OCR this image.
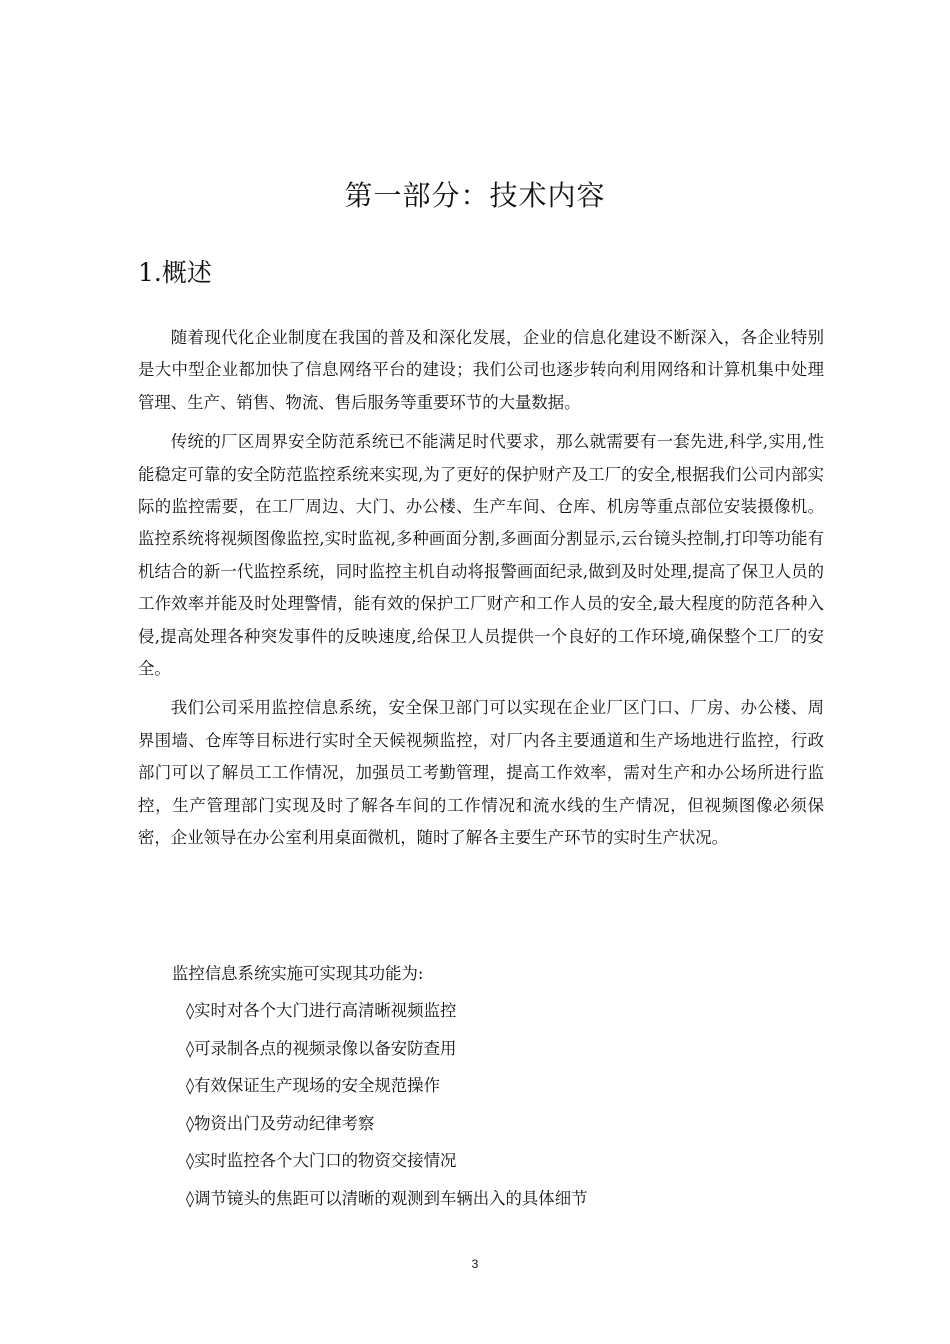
第一部分：技术内容
1.概述

随着现代化企业制度在我国的普及和深化发展，企业的信息化建设不断深入，各企业特别是大中型企业都加快了信息网络平台的建设；我们公司也逐步转向利用网络和计算机集中处理管理、生产、销售、物流、售后服务等重要环节的大量数据。

传统的厂区周界安全防范系统已不能满足时代要求，那么就需要有一套先进,科学,实用,性能稳定可靠的安全防范监控系统来实现,为了更好的保护财产及工厂的安全,根据我们公司内部实际的监控需要，在工厂周边、大门、办公楼、生产车间、仓库、机房等重点部位安装摄像机。监控系统将视频图像监控,实时监视,多种画面分割,多画面分割显示,云台镜头控制,打印等功能有机结合的新一代监控系统，同时监控主机自动将报警画面纪录,做到及时处理,提高了保卫人员的工作效率并能及时处理警情，能有效的保护工厂财产和工作人员的安全,最大程度的防范各种入侵,提高处理各种突发事件的反映速度,给保卫人员提供一个良好的工作环境,确保整个工厂的安全。

我们公司采用监控信息系统，安全保卫部门可以实现在企业厂区门口、厂房、办公楼、周界围墙、仓库等目标进行实时全天候视频监控，对厂内各主要通道和生产场地进行监控，行政部门可以了解员工工作情况，加强员工考勤管理，提高工作效率，需对生产和办公场所进行监控，生产管理部门实现及时了解各车间的工作情况和流水线的生产情况，但视频图像必须保密，企业领导在办公室利用桌面微机，随时了解各主要生产环节的实时生产状况。

监控信息系统实施可实现其功能为:
◊实时对各个大门进行高清晰视频监控
◊可录制各点的视频录像以备安防查用
◊有效保证生产现场的安全规范操作
◊物资出门及劳动纪律考察
◊实时监控各个大门口的物资交接情况
◊调节镜头的焦距可以清晰的观测到车辆出入的具体细节
3
